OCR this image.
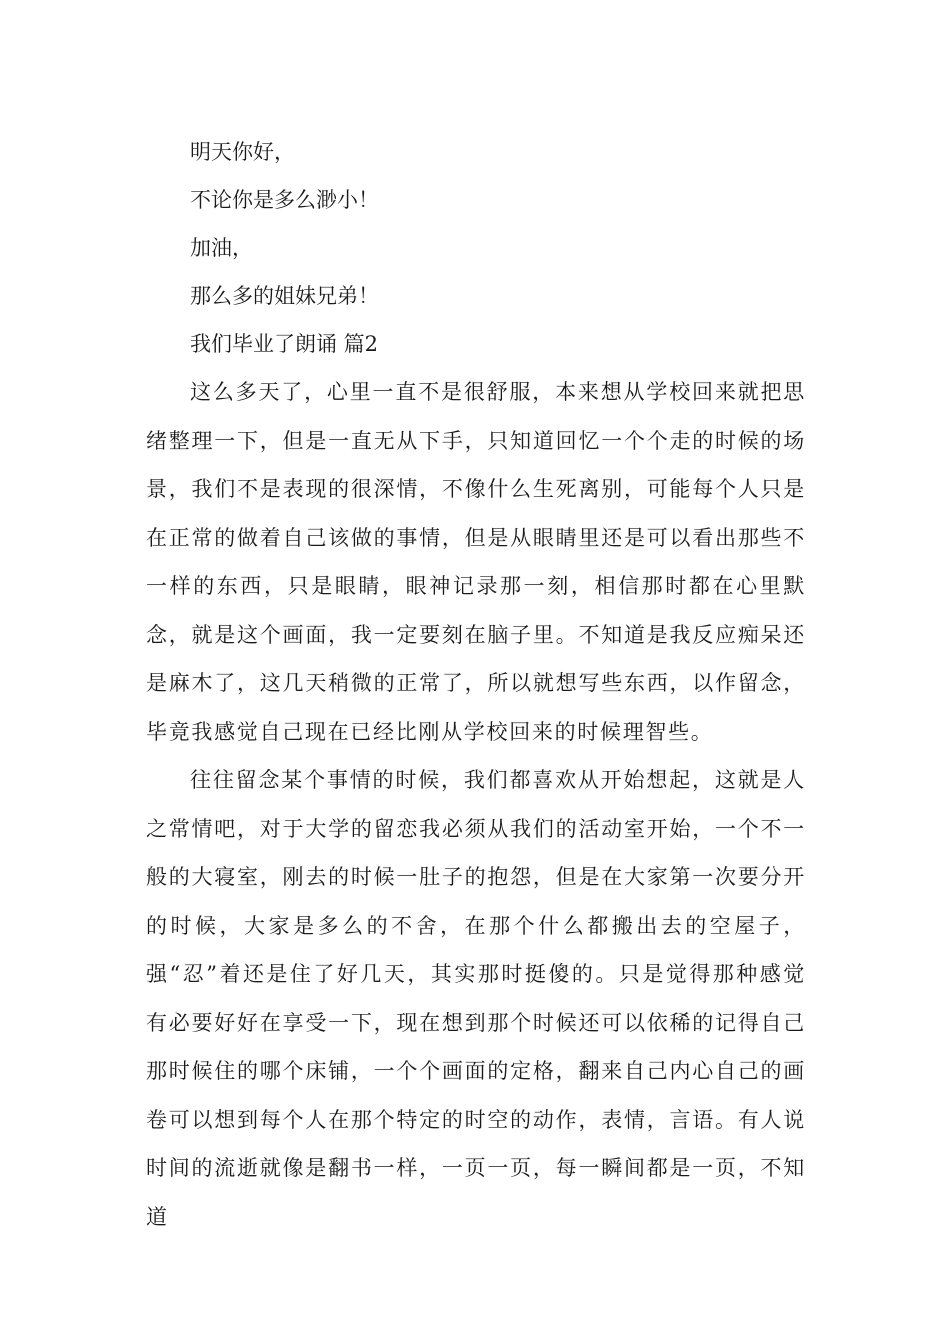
明天你好，

不论你是多么渺小！

加油，

那么多的姐妹兄弟！

我们毕业了朗诵 篇2

这么多天了，心里一直不是很舒服，本来想从学校回来就把思绪整理一下，但是一直无从下手，只知道回忆一个个走的时候的场景，我们不是表现的很深情，不像什么生死离别，可能每个人只是在正常的做着自己该做的事情，但是从眼睛里还是可以看出那些不一样的东西，只是眼睛，眼神记录那一刻，相信那时都在心里默念，就是这个画面，我一定要刻在脑子里。不知道是我反应痴呆还是麻木了，这几天稍微的正常了，所以就想写些东西，以作留念，毕竟我感觉自己现在已经比刚从学校回来的时候理智些。

往往留念某个事情的时候，我们都喜欢从开始想起，这就是人之常情吧，对于大学的留恋我必须从我们的活动室开始，一个不一般的大寝室，刚去的时候一肚子的抱怨，但是在大家第一次要分开的时候，大家是多么的不舍，在那个什么都搬出去的空屋子，强“忍”着还是住了好几天，其实那时挺傻的。只是觉得那种感觉有必要好好在享受一下，现在想到那个时候还可以依稀的记得自己那时候住的哪个床铺，一个个画面的定格，翻来自己内心自己的画卷可以想到每个人在那个特定的时空的动作，表情，言语。有人说时间的流逝就像是翻书一样，一页一页，每一瞬间都是一页，不知道
